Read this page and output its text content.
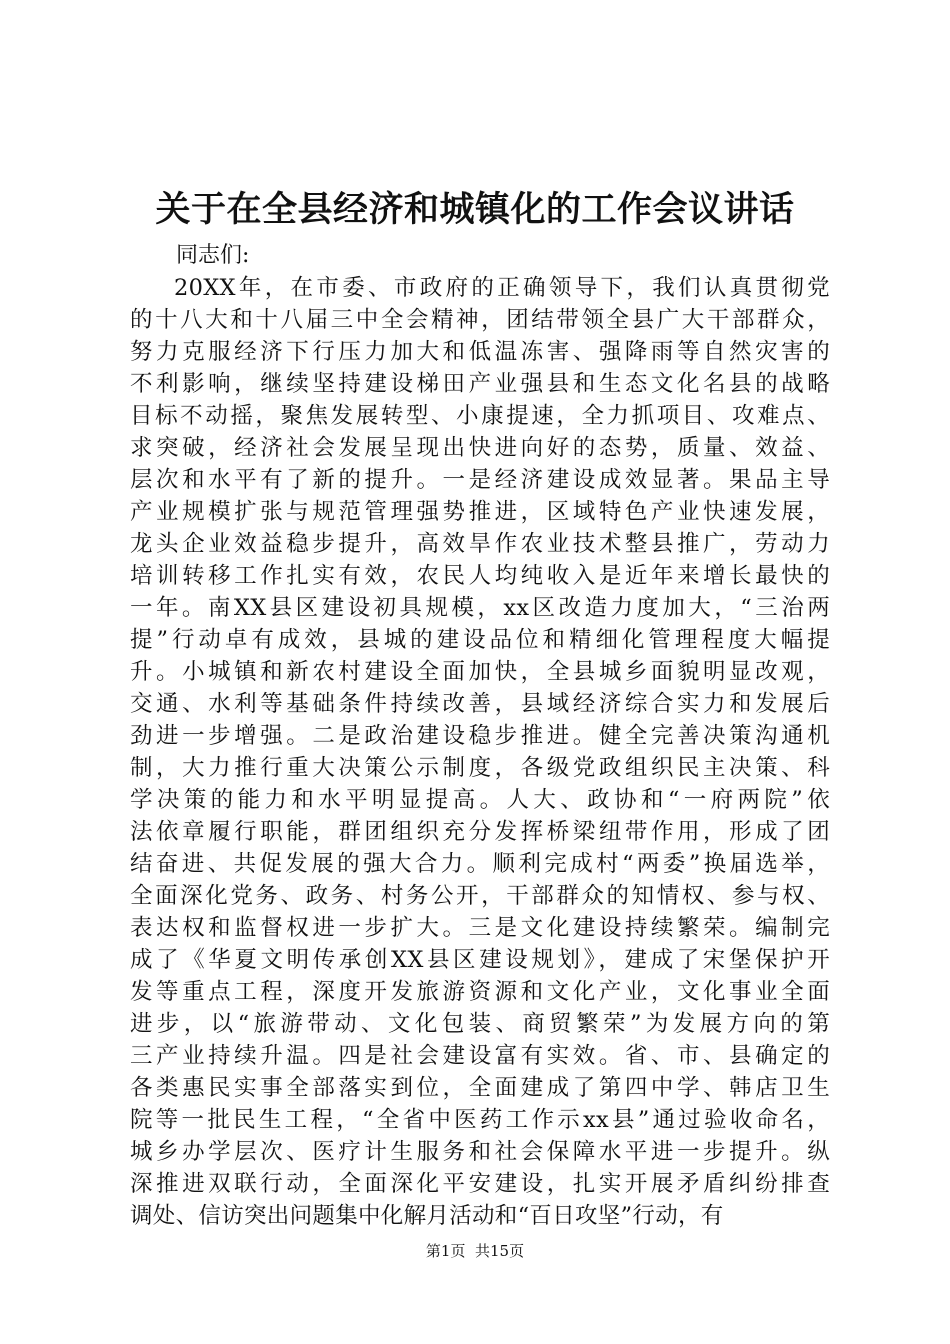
关于在全县经济和城镇化的工作会议讲话
同志们:
20XX年，在市委、市政府的正确领导下，我们认真贯彻党
的十八大和十八届三中全会精神，团结带领全县广大干部群众，
努力克服经济下行压力加大和低温冻害、强降雨等自然灾害的
不利影响，继续坚持建设梯田产业强县和生态文化名县的战略
目标不动摇，聚焦发展转型、小康提速，全力抓项目、攻难点、
求突破，经济社会发展呈现出快进向好的态势，质量、效益、
层次和水平有了新的提升。一是经济建设成效显著。果品主导
产业规模扩张与规范管理强势推进，区域特色产业快速发展，
龙头企业效益稳步提升，高效旱作农业技术整县推广，劳动力
培训转移工作扎实有效，农民人均纯收入是近年来增长最快的
一年。南XX县区建设初具规模，xx区改造力度加大，“三治两
提”行动卓有成效，县城的建设品位和精细化管理程度大幅提
升。小城镇和新农村建设全面加快，全县城乡面貌明显改观，
交通、水利等基础条件持续改善，县域经济综合实力和发展后
劲进一步增强。二是政治建设稳步推进。健全完善决策沟通机
制，大力推行重大决策公示制度，各级党政组织民主决策、科
学决策的能力和水平明显提高。人大、政协和“一府两院”依
法依章履行职能，群团组织充分发挥桥梁纽带作用，形成了团
结奋进、共促发展的强大合力。顺利完成村“两委”换届选举，
全面深化党务、政务、村务公开，干部群众的知情权、参与权、
表达权和监督权进一步扩大。三是文化建设持续繁荣。编制完
成了《华夏文明传承创XX县区建设规划》，建成了宋堡保护开
发等重点工程，深度开发旅游资源和文化产业，文化事业全面
进步，以“旅游带动、文化包装、商贸繁荣”为发展方向的第
三产业持续升温。四是社会建设富有实效。省、市、县确定的
各类惠民实事全部落实到位，全面建成了第四中学、韩店卫生
院等一批民生工程，“全省中医药工作示xx县”通过验收命名，
城乡办学层次、医疗计生服务和社会保障水平进一步提升。纵
深推进双联行动，全面深化平安建设，扎实开展矛盾纠纷排查
调处、信访突出问题集中化解月活动和“百日攻坚”行动，有
第1页 共15页
